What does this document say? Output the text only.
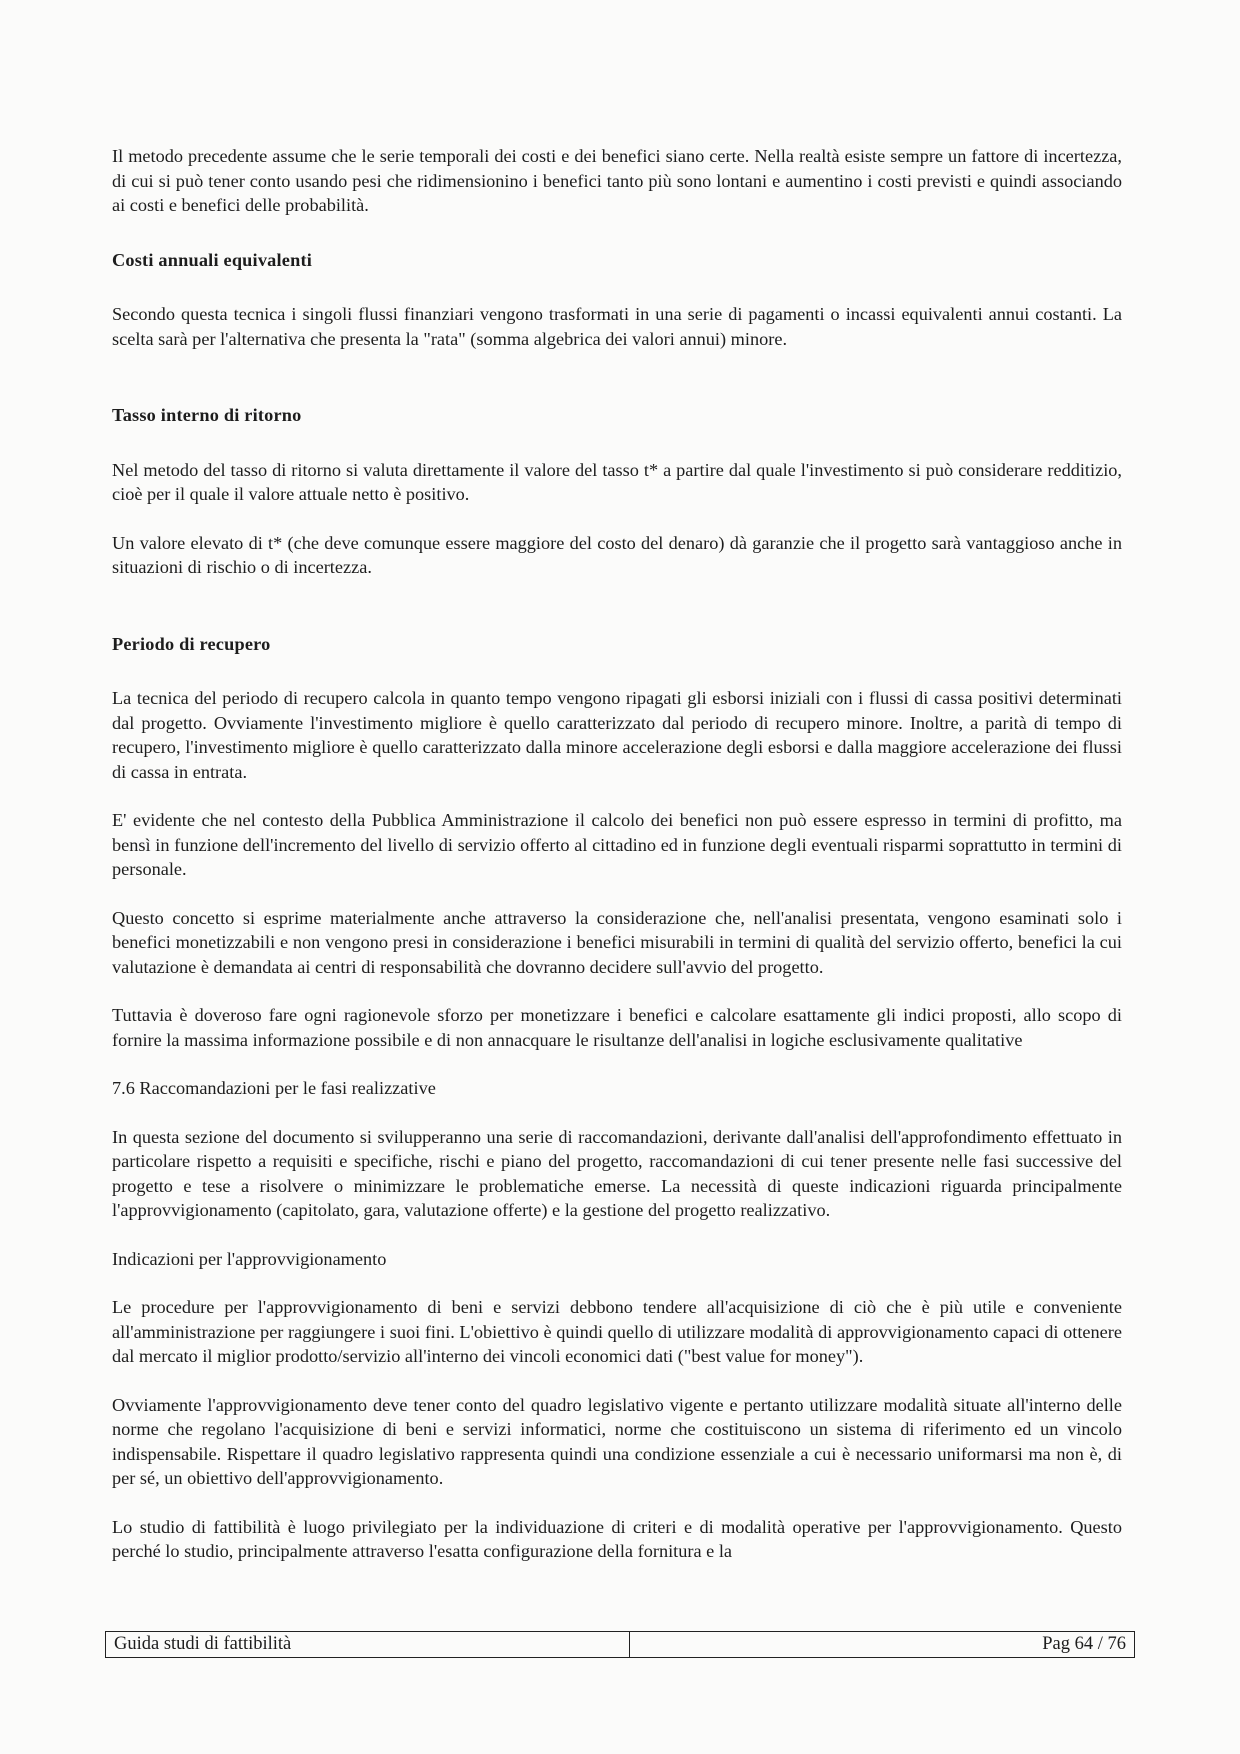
Il metodo precedente assume che le serie temporali dei costi e dei benefici siano certe. Nella realtà esiste sempre un fattore di incertezza, di cui si può tener conto usando pesi che ridimensionino i benefici tanto più sono lontani e aumentino i costi previsti e quindi associando ai costi e benefici delle probabilità.

Costi annuali equivalenti

Secondo questa tecnica i singoli flussi finanziari vengono trasformati in una serie di pagamenti o incassi equivalenti annui costanti. La scelta sarà per l'alternativa che presenta la "rata" (somma algebrica dei valori annui) minore.

Tasso interno di ritorno

Nel metodo del tasso di ritorno si valuta direttamente il valore del tasso t* a partire dal quale l'investimento si può considerare redditizio, cioè per il quale il valore attuale netto è positivo.

Un valore elevato di t* (che deve comunque essere maggiore del costo del denaro) dà garanzie che il progetto sarà vantaggioso anche in situazioni di rischio o di incertezza.

Periodo di recupero

La tecnica del periodo di recupero calcola in quanto tempo vengono ripagati gli esborsi iniziali con i flussi di cassa positivi determinati dal progetto. Ovviamente l'investimento migliore è quello caratterizzato dal periodo di recupero minore. Inoltre, a parità di tempo di recupero, l'investimento migliore è quello caratterizzato dalla minore accelerazione degli esborsi e dalla maggiore accelerazione dei flussi di cassa in entrata.

E' evidente che nel contesto della Pubblica Amministrazione il calcolo dei benefici non può essere espresso in termini di profitto, ma bensì in funzione dell'incremento del livello di servizio offerto al cittadino ed in funzione degli eventuali risparmi soprattutto in termini di personale.

Questo concetto si esprime materialmente anche attraverso la considerazione che, nell'analisi presentata, vengono esaminati solo i benefici monetizzabili e non vengono presi in considerazione i benefici misurabili in termini di qualità del servizio offerto, benefici la cui valutazione è demandata ai centri di responsabilità che dovranno decidere sull'avvio del progetto.

Tuttavia è doveroso fare ogni ragionevole sforzo per monetizzare i benefici e calcolare esattamente gli indici proposti, allo scopo di fornire la massima informazione possibile e di non annacquare le risultanze dell'analisi in logiche esclusivamente qualitative

7.6 Raccomandazioni per le fasi realizzative

In questa sezione del documento si svilupperanno una serie di raccomandazioni, derivante dall'analisi dell'approfondimento effettuato in particolare rispetto a requisiti e specifiche, rischi e piano del progetto, raccomandazioni di cui tener presente nelle fasi successive del progetto e tese a risolvere o minimizzare le problematiche emerse. La necessità di queste indicazioni riguarda principalmente l'approvvigionamento (capitolato, gara, valutazione offerte) e la gestione del progetto realizzativo.

Indicazioni per l'approvvigionamento

Le procedure per l'approvvigionamento di beni e servizi debbono tendere all'acquisizione di ciò che è più utile e conveniente all'amministrazione per raggiungere i suoi fini. L'obiettivo è quindi quello di utilizzare modalità di approvvigionamento capaci di ottenere dal mercato il miglior prodotto/servizio all'interno dei vincoli economici dati ("best value for money").

Ovviamente l'approvvigionamento deve tener conto del quadro legislativo vigente e pertanto utilizzare modalità situate all'interno delle norme che regolano l'acquisizione di beni e servizi informatici, norme che costituiscono un sistema di riferimento ed un vincolo indispensabile. Rispettare il quadro legislativo rappresenta quindi una condizione essenziale a cui è necessario uniformarsi ma non è, di per sé, un obiettivo dell'approvvigionamento.

Lo studio di fattibilità è luogo privilegiato per la individuazione di criteri e di modalità operative per l'approvvigionamento. Questo perché lo studio, principalmente attraverso l'esatta configurazione della fornitura e la

Guida studi di fattibilità	Pag 64 / 76
